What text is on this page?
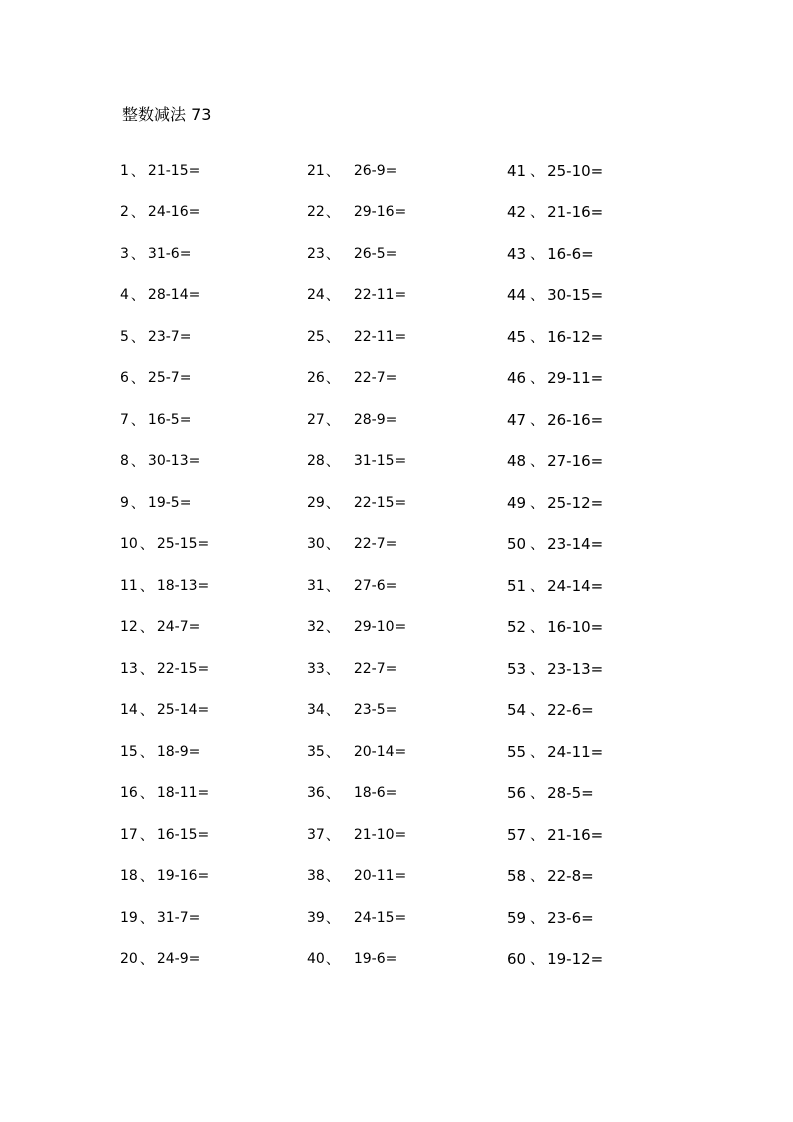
整数减法 73
1 、 21-15=
2 、 24-16=
3 、 31-6=
4 、 28-14=
5 、 23-7=
6 、 25-7=
7 、 16-5=
8 、 30-13=
9 、 19-5=
10 、 25-15=
11 、 18-13=
12 、 24-7=
13 、 22-15=
14 、 25-14=
15 、 18-9=
16 、 18-11=
17 、 16-15=
18 、 19-16=
19 、 31-7=
20 、 24-9=
21 、 26-9=
22 、 29-16=
23 、 26-5=
24 、 22-11=
25 、 22-11=
26 、 22-7=
27 、 28-9=
28 、 31-15=
29 、 22-15=
30 、 22-7=
31 、 27-6=
32 、 29-10=
33 、 22-7=
34 、 23-5=
35 、 20-14=
36 、 18-6=
37 、 21-10=
38 、 20-11=
39 、 24-15=
40 、 19-6=
41 、 25-10=
42 、 21-16=
43 、 16-6=
44 、 30-15=
45 、 16-12=
46 、 29-11=
47 、 26-16=
48 、 27-16=
49 、 25-12=
50 、 23-14=
51 、 24-14=
52 、 16-10=
53 、 23-13=
54 、 22-6=
55 、 24-11=
56 、 28-5=
57 、 21-16=
58 、 22-8=
59 、 23-6=
60 、 19-12=
